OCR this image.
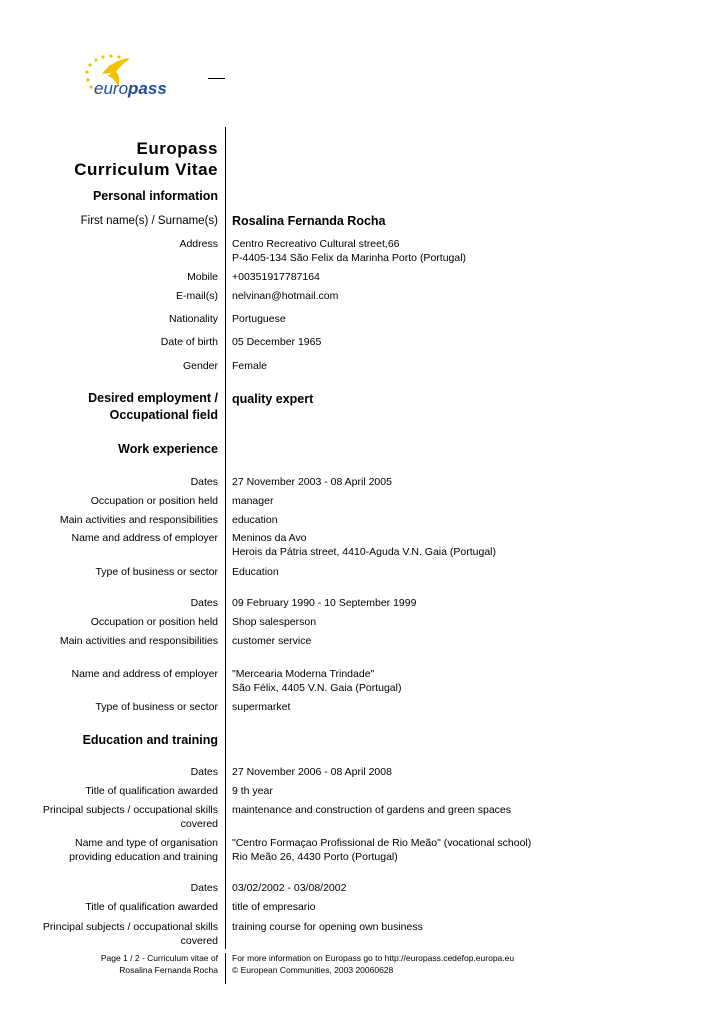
europass
Europass
Curriculum Vitae
Personal information
First name(s) / Surname(s) Rosalina Fernanda Rocha
Address Centro Recreativo Cultural street,66
P-4405-134 São Felix da Marinha Porto (Portugal)
Mobile +00351917787164
E-mail(s) nelvinan@hotmail.com
Nationality Portuguese
Date of birth 05 December 1965
Gender Female
Desired employment /
Occupational field
quality expert
Work experience
Dates 27 November 2003 - 08 April 2005
Occupation or position held manager
Main activities and responsibilities education
Name and address of employer Meninos da Avo
Herois da Pátria street, 4410-Aguda V.N. Gaia (Portugal)
Type of business or sector Education
Dates 09 February 1990 - 10 September 1999
Occupation or position held Shop salesperson
Main activities and responsibilities customer service
Name and address of employer "Mercearia Moderna Trindade"
São Félix, 4405 V.N. Gaia (Portugal)
Type of business or sector supermarket
Education and training
Dates 27 November 2006 - 08 April 2008
Title of qualification awarded 9 th year
Principal subjects / occupational skills
covered
maintenance and construction of gardens and green spaces
Name and type of organisation
providing education and training
"Centro Formaçao Profissional de Rio Meão" (vocational school)
Rio Meão 26, 4430 Porto (Portugal)
Dates 03/02/2002 - 03/08/2002
Title of qualification awarded title of empresario
Principal subjects / occupational skills
covered
training course for opening own business
Page 1 / 2 - Curriculum vitae of
Rosalina Fernanda Rocha
For more information on Europass go to http://europass.cedefop.europa.eu
© European Communities, 2003 20060628
